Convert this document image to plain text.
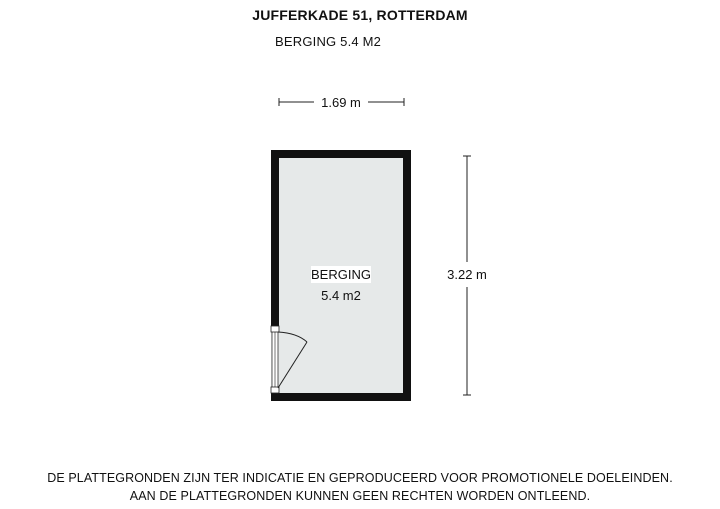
JUFFERKADE 51, ROTTERDAM
BERGING 5.4 M2
1.69 m
3.22 m
BERGING
5.4 m2
DE PLATTEGRONDEN ZIJN TER INDICATIE EN GEPRODUCEERD VOOR PROMOTIONELE DOELEINDEN.
AAN DE PLATTEGRONDEN KUNNEN GEEN RECHTEN WORDEN ONTLEEND.
